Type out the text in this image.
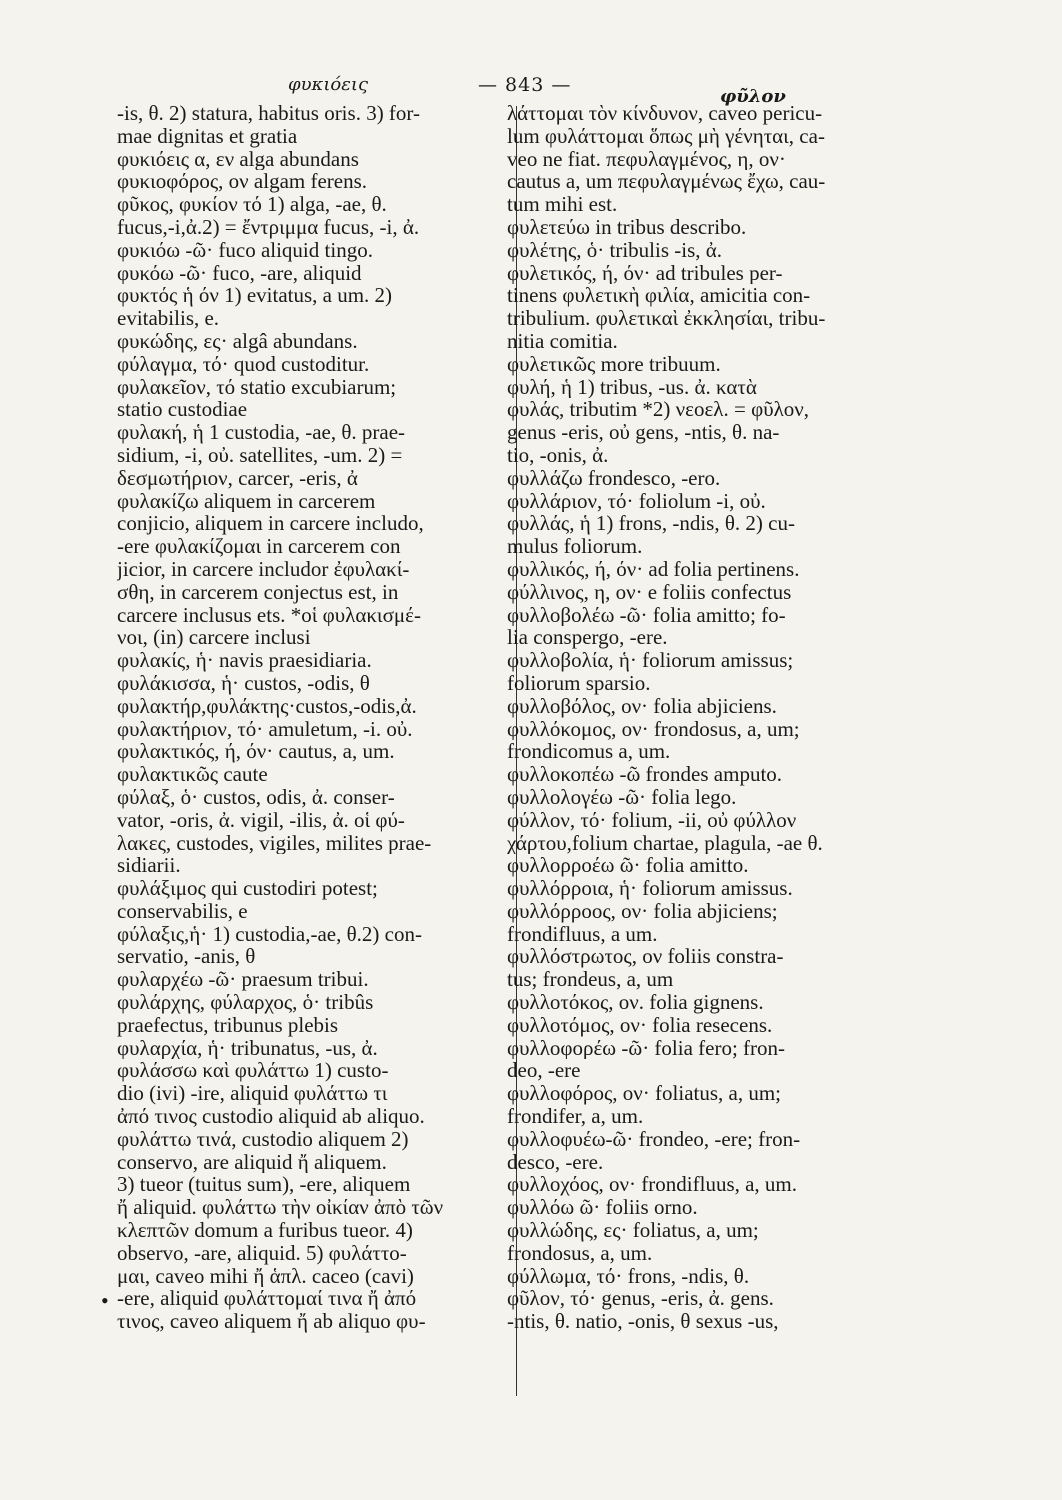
φυκιόεις	— 843 —
φῦλον
-is, θ. 2) statura, habitus oris. 3) for-
mae dignitas et gratia
φυκιόεις α, εν alga abundans
φυκιοφόρος, ον algam ferens.
φῦκος, φυκίον τό 1) alga, -ae, θ.
fucus,-i,ἀ.2) = ἔντριμμα fucus, -i, ἀ.
φυκιόω -ῶ· fuco aliquid tingo.
φυκόω -ῶ· fuco, -are, aliquid
φυκτός ἡ όν 1) evitatus, a um. 2)
evitabilis, e.
φυκώδης, ες· algâ abundans.
φύλαγμα, τό· quod custoditur.
φυλακεῖον, τό statio excubiarum;
statio custodiae
φυλακή, ἡ 1 custodia, -ae, θ. prae-
sidium, -i, οὐ. satellites, -um. 2) =
δεσμωτήριον, carcer, -eris, ἀ
φυλακίζω aliquem in carcerem
conjicio, aliquem in carcere includo,
-ere φυλακίζομαι in carcerem con
jicior, in carcere includor ἐφυλακί-
σθη, in carcerem conjectus est, in
carcere inclusus ets. *οἱ φυλακισμέ-
νοι, (in) carcere inclusi
φυλακίς, ἡ· navis praesidiaria.
φυλάκισσα, ἡ· custos, -odis, θ
φυλακτήρ,φυλάκτης·custos,-odis,ἀ.
φυλακτήριον, τό· amuletum, -i. οὐ.
φυλακτικός, ή, όν· cautus, a, um.
φυλακτικῶς caute
φύλαξ, ὁ· custos, odis, ἀ. conser-
vator, -oris, ἀ. vigil, -ilis, ἀ. οἱ φύ-
λακες, custodes, vigiles, milites prae-
sidiarii.
φυλάξιμος qui custodiri potest;
conservabilis, e
φύλαξις,ἡ· 1) custodia,-ae, θ.2) con-
servatio, -anis, θ
φυλαρχέω -ῶ· praesum tribui.
φυλάρχης, φύλαρχος, ὁ· tribûs
praefectus, tribunus plebis
φυλαρχία, ἡ· tribunatus, -us, ἀ.
φυλάσσω καὶ φυλάττω 1) custo-
dio (ivi) -ire, aliquid φυλάττω τι
ἀπό τινος custodio aliquid ab aliquo.
φυλάττω τινά, custodio aliquem 2)
conservo, are aliquid ἤ aliquem.
3) tueor (tuitus sum), -ere, aliquem
ἤ aliquid. φυλάττω τὴν οἰκίαν ἀπὸ τῶν
κλεπτῶν domum a furibus tueor. 4)
observo, -are, aliquid. 5) φυλάττο-
μαι, caveo mihi ἤ ἁπλ. caceo (cavi)
-ere, aliquid φυλάττομαί τινα ἤ ἀπό
τινος, caveo aliquem ἤ ab aliquo φυ-
λάττομαι τὸν κίνδυνον, caveo pericu-
lum φυλάττομαι ὅπως μὴ γένηται, ca-
veo ne fiat. πεφυλαγμένος, η, ον·
cautus a, um πεφυλαγμένως ἔχω, cau-
tum mihi est.
φυλετεύω in tribus describo.
φυλέτης, ὁ· tribulis -is, ἀ.
φυλετικός, ή, όν· ad tribules per-
tinens φυλετικὴ φιλία, amicitia con-
tribulium. φυλετικαὶ ἐκκλησίαι, tribu-
nitia comitia.
φυλετικῶς more tribuum.
φυλή, ἡ 1) tribus, -us. ἀ. κατὰ
φυλάς, tributim *2) νεοελ. = φῦλον,
genus -eris, οὐ gens, -ntis, θ. na-
tio, -onis, ἀ.
φυλλάζω frondesco, -ero.
φυλλάριον, τό· foliolum -i, οὐ.
φυλλάς, ἡ 1) frons, -ndis, θ. 2) cu-
mulus foliorum.
φυλλικός, ή, όν· ad folia pertinens.
φύλλινος, η, ον· e foliis confectus
φυλλοβολέω -ῶ· folia amitto; fo-
lia conspergo, -ere.
φυλλοβολία, ἡ· foliorum amissus;
foliorum sparsio.
φυλλοβόλος, ον· folia abjiciens.
φυλλόκομος, ον· frondosus, a, um;
frondicomus a, um.
φυλλοκοπέω -ῶ frondes amputo.
φυλλολογέω -ῶ· folia lego.
φύλλον, τό· folium, -ii, οὐ φύλλον
χάρτου,folium chartae, plagula, -ae θ.
φυλλορροέω ῶ· folia amitto.
φυλλόρροια, ἡ· foliorum amissus.
φυλλόρροος, ον· folia abjiciens;
frondifluus, a um.
φυλλόστρωτος, ον foliis constra-
tus; frondeus, a, um
φυλλοτόκος, ον. folia gignens.
φυλλοτόμος, ον· folia resecens.
φυλλοφορέω -ῶ· folia fero; fron-
deo, -ere
φυλλοφόρος, ον· foliatus, a, um;
frondifer, a, um.
φυλλοφυέω-ῶ· frondeo, -ere; fron-
desco, -ere.
φυλλοχόος, ον· frondifluus, a, um.
φυλλόω ῶ· foliis orno.
φυλλώδης, ες· foliatus, a, um;
frondosus, a, um.
φύλλωμα, τό· frons, -ndis, θ.
φῦλον, τό· genus, -eris, ἀ. gens.
-ntis, θ. natio, -onis, θ sexus -us,
•
